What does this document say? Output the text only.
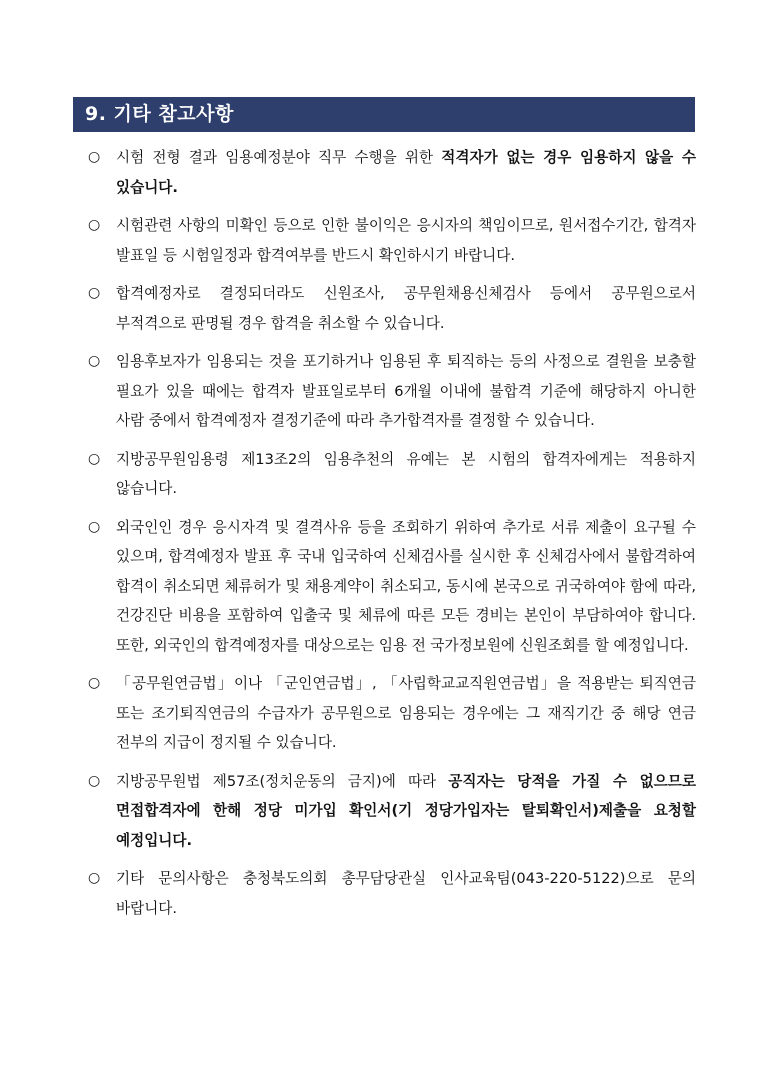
9. 기타 참고사항
○ 시험 전형 결과 임용예정분야 직무 수행을 위한 적격자가 없는 경우 임용하지 않을 수 있습니다.
○ 시험관련 사항의 미확인 등으로 인한 불이익은 응시자의 책임이므로, 원서접수기간, 합격자 발표일 등 시험일정과 합격여부를 반드시 확인하시기 바랍니다.
○ 합격예정자로 결정되더라도 신원조사, 공무원채용신체검사 등에서 공무원으로서 부적격으로 판명될 경우 합격을 취소할 수 있습니다.
○ 임용후보자가 임용되는 것을 포기하거나 임용된 후 퇴직하는 등의 사정으로 결원을 보충할 필요가 있을 때에는 합격자 발표일로부터 6개월 이내에 불합격 기준에 해당하지 아니한 사람 중에서 합격예정자 결정기준에 따라 추가합격자를 결정할 수 있습니다.
○ 지방공무원임용령 제13조2의 임용추천의 유예는 본 시험의 합격자에게는 적용하지 않습니다.
○ 외국인인 경우 응시자격 및 결격사유 등을 조회하기 위하여 추가로 서류 제출이 요구될 수 있으며, 합격예정자 발표 후 국내 입국하여 신체검사를 실시한 후 신체검사에서 불합격하여 합격이 취소되면 체류허가 및 채용계약이 취소되고, 동시에 본국으로 귀국하여야 함에 따라, 건강진단 비용을 포함하여 입출국 및 체류에 따른 모든 경비는 본인이 부담하여야 합니다. 또한, 외국인의 합격예정자를 대상으로는 임용 전 국가정보원에 신원조회를 할 예정입니다.
○ 「공무원연금법」이나 「군인연금법」, 「사립학교교직원연금법」을 적용받는 퇴직연금 또는 조기퇴직연금의 수급자가 공무원으로 임용되는 경우에는 그 재직기간 중 해당 연금 전부의 지급이 정지될 수 있습니다.
○ 지방공무원법 제57조(정치운동의 금지)에 따라 공직자는 당적을 가질 수 없으므로 면접합격자에 한해 정당 미가입 확인서(기 정당가입자는 탈퇴확인서)제출을 요청할 예정입니다.
○ 기타 문의사항은 충청북도의회 총무담당관실 인사교육팀(043-220-5122)으로 문의 바랍니다.
